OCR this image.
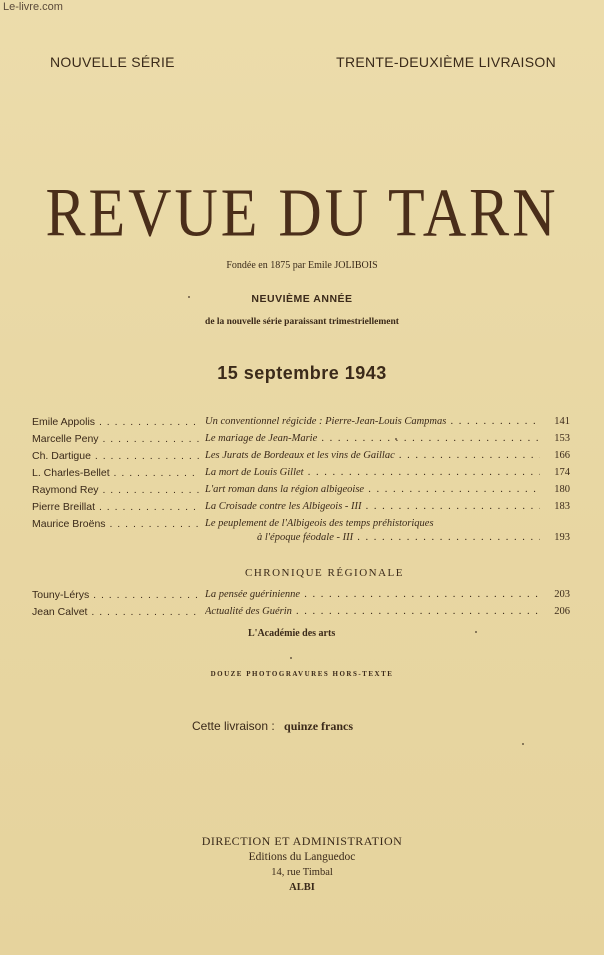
Le-livre.com
NOUVELLE SÉRIE	TRENTE-DEUXIÈME LIVRAISON
REVUE DU TARN
Fondée en 1875 par Emile JOLIBOIS
NEUVIÈME ANNÉE
de la nouvelle série paraissant trimestriellement
15 septembre 1943
Emile Appolis . . .	Un conventionnel régicide : Pierre-Jean-Louis Campmas . . .	141
Marcelle Peny . . .	Le mariage de Jean-Marie . . .	153
Ch. Dartigue . . .	Les Jurats de Bordeaux et les vins de Gaillac . . .	166
L. Charles-Bellet . . .	La mort de Louis Gillet . . .	174
Raymond Rey . . .	L'art roman dans la région albigeoise . . .	180
Pierre Breillat . . .	La Croisade contre les Albigeois - III . . .	183
Maurice Broëns . . .	Le peuplement de l'Albigeois des temps préhistoriques
à l'époque féodale - III . . .	193
CHRONIQUE RÉGIONALE
Touny-Lérys . . .	La pensée guérinienne . . .	203
Jean Calvet . . .	Actualité des Guérin . . .	206
L'Académie des arts
DOUZE PHOTOGRAVURES HORS-TEXTE
Cette livraison : quinze francs
DIRECTION ET ADMINISTRATION
Editions du Languedoc
14, rue Timbal
ALBI
